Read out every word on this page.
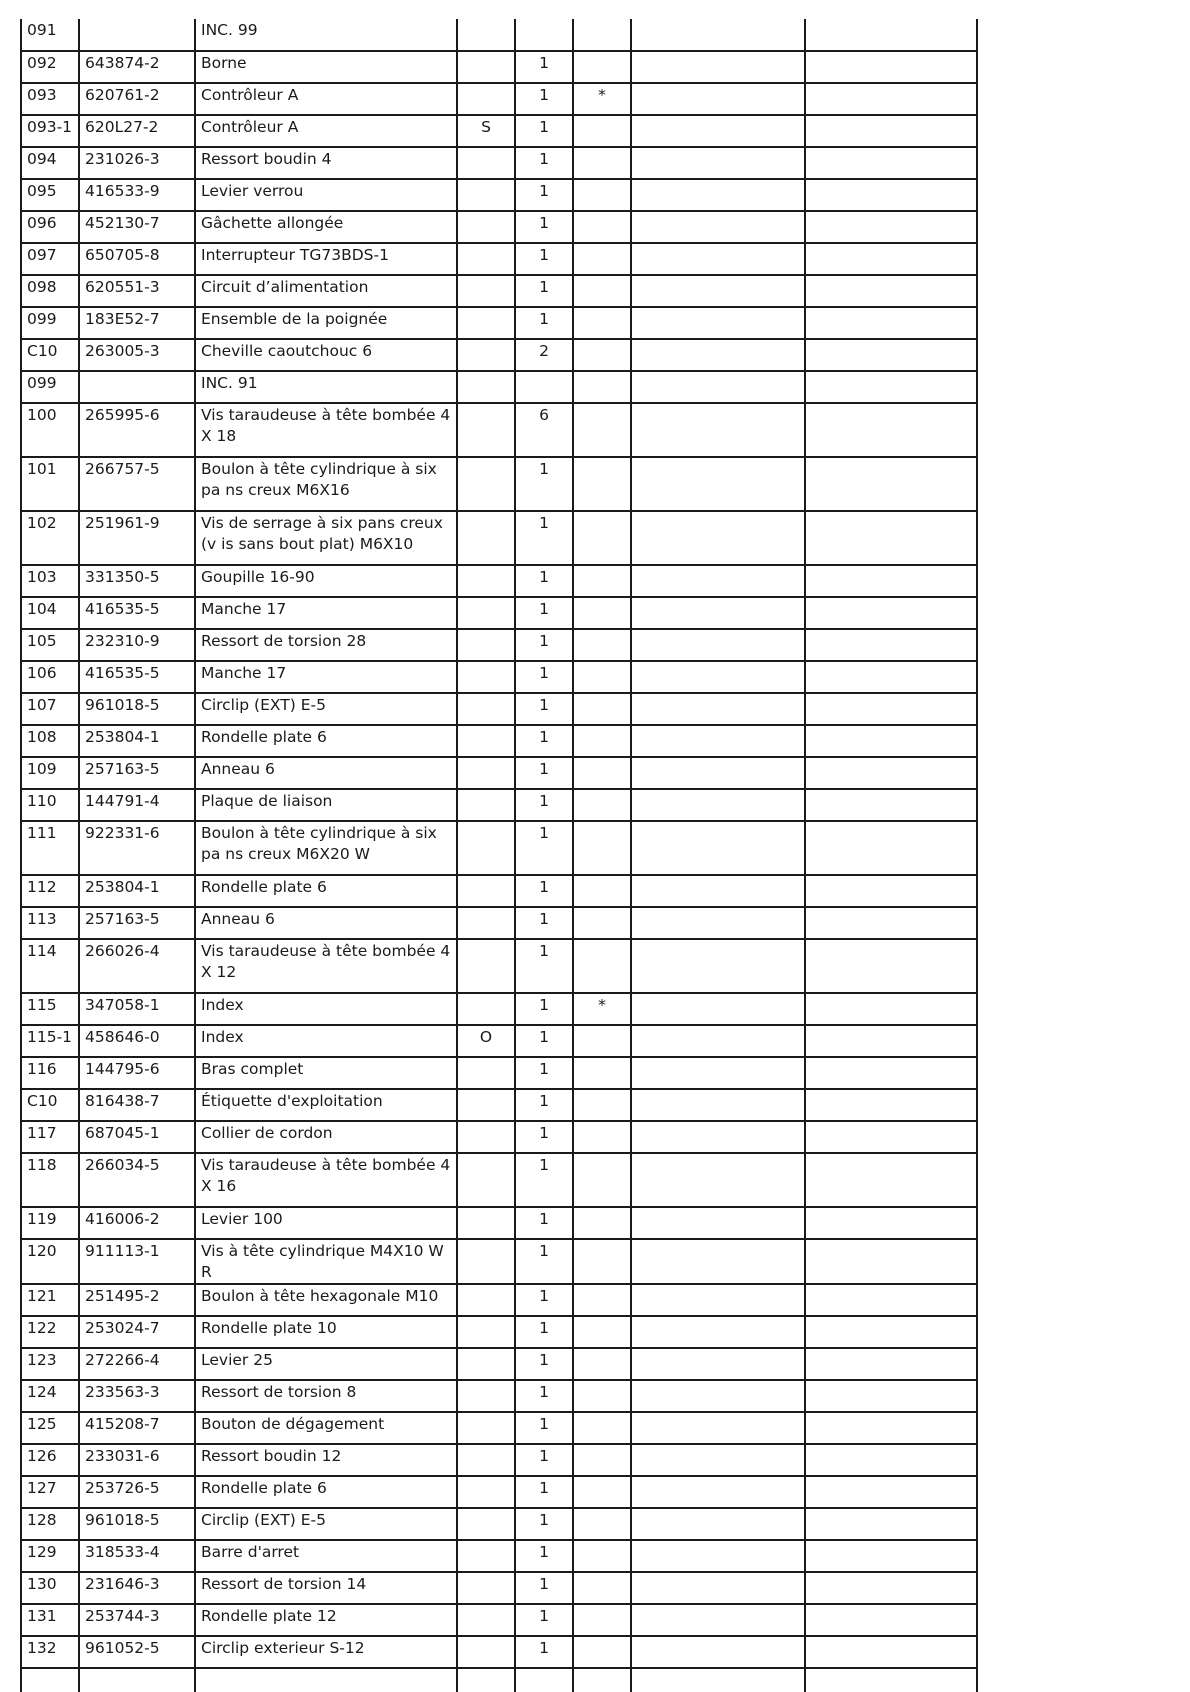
091		INC. 99					
092	643874-2	Borne		1			
093	620761-2	Contrôleur A		1	*		
093-1	620L27-2	Contrôleur A	S	1			
094	231026-3	Ressort boudin 4		1			
095	416533-9	Levier verrou		1			
096	452130-7	Gâchette allongée		1			
097	650705-8	Interrupteur TG73BDS-1		1			
098	620551-3	Circuit d’alimentation		1			
099	183E52-7	Ensemble de la poignée		1			
C10	263005-3	Cheville caoutchouc 6		2			
099		INC. 91					
100	265995-6	Vis taraudeuse à tête bombée 4X 18		6			
101	266757-5	Boulon à tête cylindrique à six pa ns creux M6X16		1			
102	251961-9	Vis de serrage à six pans creux (v is sans bout plat) M6X10		1			
103	331350-5	Goupille 16-90		1			
104	416535-5	Manche 17		1			
105	232310-9	Ressort de torsion 28		1			
106	416535-5	Manche 17		1			
107	961018-5	Circlip (EXT) E-5		1			
108	253804-1	Rondelle plate 6		1			
109	257163-5	Anneau 6		1			
110	144791-4	Plaque de liaison		1			
111	922331-6	Boulon à tête cylindrique à six pa ns creux M6X20 W		1			
112	253804-1	Rondelle plate 6		1			
113	257163-5	Anneau 6		1			
114	266026-4	Vis taraudeuse à tête bombée 4X 12		1			
115	347058-1	Index		1	*		
115-1	458646-0	Index	O	1			
116	144795-6	Bras complet		1			
C10	816438-7	Étiquette d'exploitation		1			
117	687045-1	Collier de cordon		1			
118	266034-5	Vis taraudeuse à tête bombée 4X 16		1			
119	416006-2	Levier 100		1			
120	911113-1	Vis à tête cylindrique M4X10 WR		1			
121	251495-2	Boulon à tête hexagonale M10		1			
122	253024-7	Rondelle plate 10		1			
123	272266-4	Levier 25		1			
124	233563-3	Ressort de torsion 8		1			
125	415208-7	Bouton de dégagement		1			
126	233031-6	Ressort boudin 12		1			
127	253726-5	Rondelle plate 6		1			
128	961018-5	Circlip (EXT) E-5		1			
129	318533-4	Barre d'arret		1			
130	231646-3	Ressort de torsion 14		1			
131	253744-3	Rondelle plate 12		1			
132	961052-5	Circlip exterieur S-12		1			
